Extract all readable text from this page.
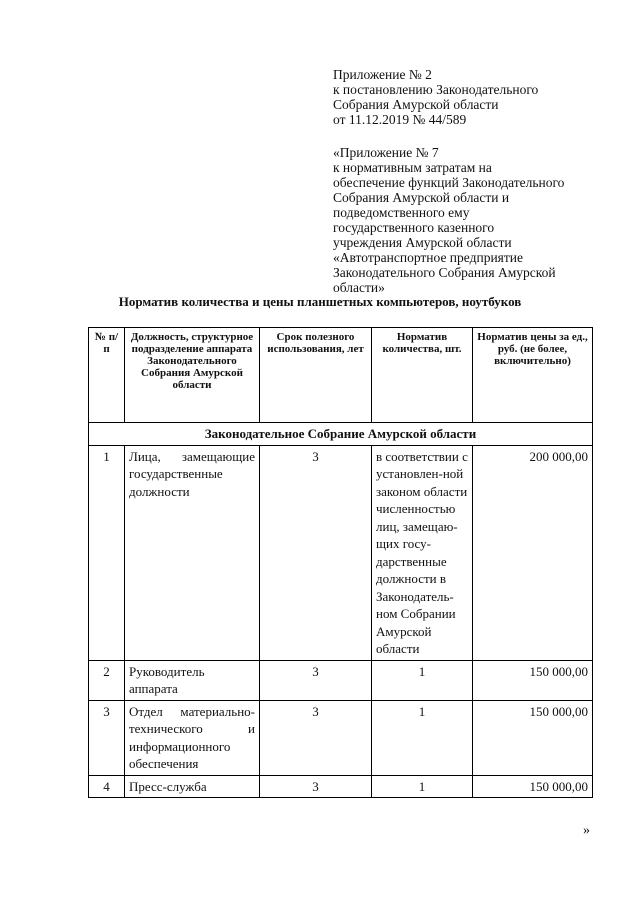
Приложение № 2
к постановлению Законодательного
Собрания Амурской области
от 11.12.2019 № 44/589
«Приложение № 7
к нормативным затратам на
обеспечение функций Законодательного
Собрания Амурской области и
подведомственного ему
государственного казенного
учреждения Амурской области
«Автотранспортное предприятие
Законодательного Собрания Амурской
области»
Норматив количества и цены планшетных компьютеров, ноутбуков
№ п/п	Должность, структурное подразделение аппарата Законодательного Собрания Амурской области	Срок полезного использования, лет	Норматив количества, шт.	Норматив цены за ед., руб. (не более, включительно)
Законодательное Собрание Амурской области				
1	Лица, замещающие государственные должности	3	в соответствии с установлен-ной законом области численностью лиц, замещаю-щих госу-дарственные должности в Законодатель-ном Собрании Амурской области	200 000,00
2	Руководитель аппарата	3	1	150 000,00
3	Отдел материально-технического и информационного обеспечения	3	1	150 000,00
4	Пресс-служба	3	1	150 000,00
»
